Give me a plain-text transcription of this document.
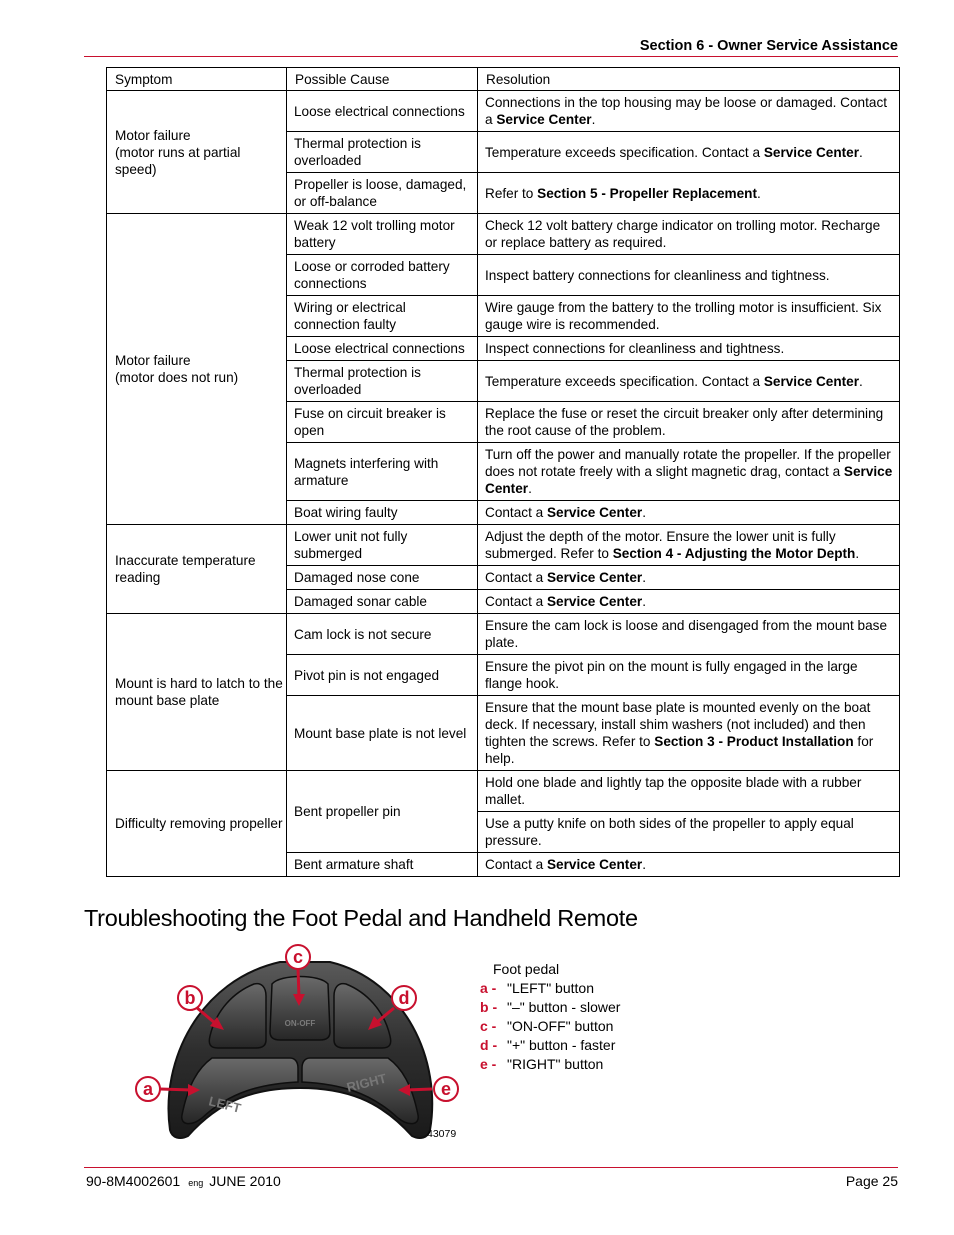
Section 6 - Owner Service Assistance
Symptom	Possible Cause	Resolution
Motor failure
(motor runs at partial
speed)	Loose electrical connections	Connections in the top housing may be loose or damaged. Contact a Service Center.
	Thermal protection is overloaded	Temperature exceeds specification. Contact a Service Center.
	Propeller is loose, damaged, or off-balance	Refer to Section 5 - Propeller Replacement.
Motor failure
(motor does not run)	Weak 12 volt trolling motor battery	Check 12 volt battery charge indicator on trolling motor. Recharge or replace battery as required.
	Loose or corroded battery connections	Inspect battery connections for cleanliness and tightness.
	Wiring or electrical connection faulty	Wire gauge from the battery to the trolling motor is insufficient. Six gauge wire is recommended.
	Loose electrical connections	Inspect connections for cleanliness and tightness.
	Thermal protection is overloaded	Temperature exceeds specification. Contact a Service Center.
	Fuse on circuit breaker is open	Replace the fuse or reset the circuit breaker only after determining the root cause of the problem.
	Magnets interfering with armature	Turn off the power and manually rotate the propeller. If the propeller does not rotate freely with a slight magnetic drag, contact a Service Center.
	Boat wiring faulty	Contact a Service Center.
Inaccurate temperature reading	Lower unit not fully submerged	Adjust the depth of the motor. Ensure the lower unit is fully submerged. Refer to Section 4 - Adjusting the Motor Depth.
	Damaged nose cone	Contact a Service Center.
	Damaged sonar cable	Contact a Service Center.
Mount is hard to latch to the mount base plate	Cam lock is not secure	Ensure the cam lock is loose and disengaged from the mount base plate.
	Pivot pin is not engaged	Ensure the pivot pin on the mount is fully engaged in the large flange hook.
	Mount base plate is not level	Ensure that the mount base plate is mounted evenly on the boat deck. If necessary, install shim washers (not included) and then tighten the screws. Refer to Section 3 - Product Installation for help.
Difficulty removing propeller	Bent propeller pin	Hold one blade and lightly tap the opposite blade with a rubber mallet.
		Use a putty knife on both sides of the propeller to apply equal pressure.
	Bent armature shaft	Contact a Service Center.
Troubleshooting the Foot Pedal and Handheld Remote
LEFT
RIGHT
ON-OFF
a
b
c
d
e
43079
Foot pedal
a - "LEFT" button
b - "–" button - slower
c - "ON-OFF" button
d - "+" button - faster
e - "RIGHT" button
90-8M4002601 eng JUNE 2010	Page 25
